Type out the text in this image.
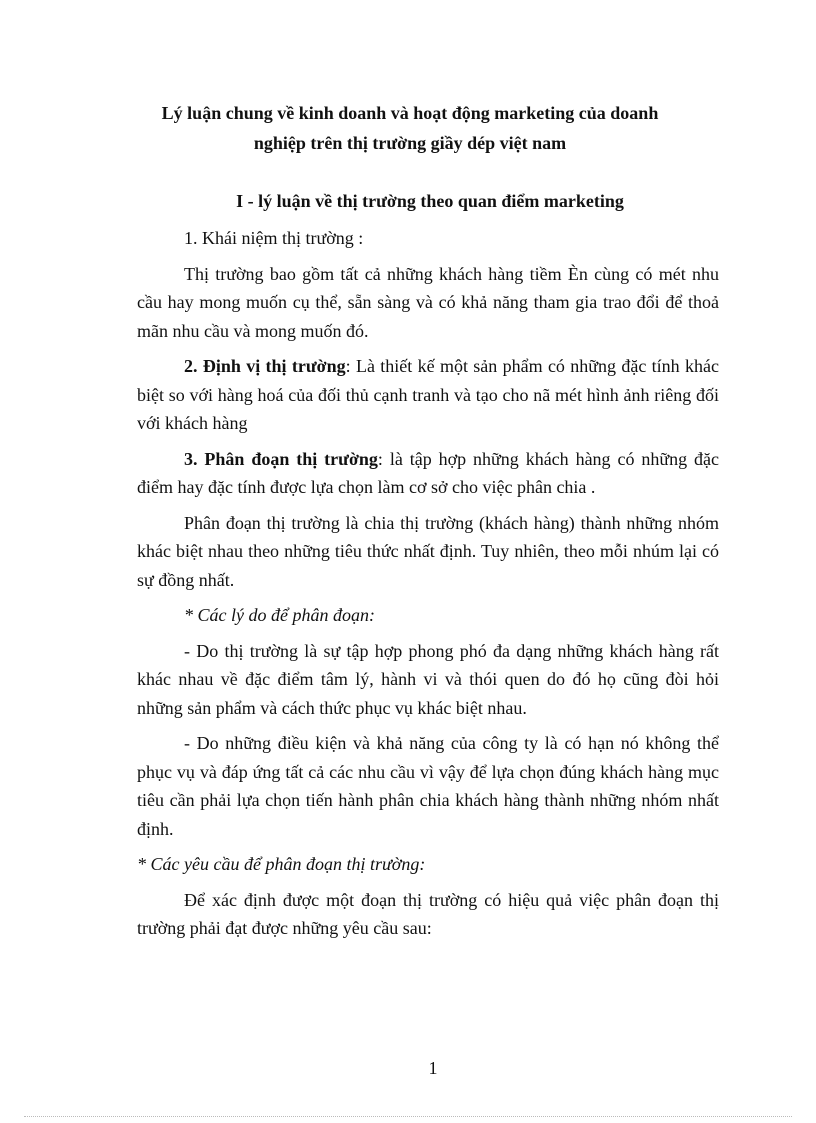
Lý luận chung về kinh doanh và hoạt động marketing của doanh
nghiệp trên thị trường giầy dép việt nam
I - lý luận về thị trường theo quan điểm marketing

1. Khái niệm thị trường :

Thị trường bao gồm tất cả những khách hàng tiềm Èn cùng có mét nhu cầu hay mong muốn cụ thể, sẵn sàng và có khả năng tham gia trao đổi để thoả mãn nhu cầu và mong muốn đó.

2. Định vị thị trường: Là thiết kế một sản phẩm có những đặc tính khác biệt so với hàng hoá của đối thủ cạnh tranh và tạo cho nã mét hình ảnh riêng đối với khách hàng

3. Phân đoạn thị trường: là tập hợp những khách hàng có những đặc điểm hay đặc tính được lựa chọn làm cơ sở cho việc phân chia .

Phân đoạn thị trường là chia thị trường (khách hàng) thành những nhóm khác biệt nhau theo những tiêu thức nhất định. Tuy nhiên, theo mỗi nhúm lại có sự đồng nhất.

* Các lý do để phân đoạn:

- Do thị trường là sự tập hợp phong phó đa dạng những khách hàng rất khác nhau về đặc điểm tâm lý, hành vi và thói quen do đó họ cũng đòi hỏi những sản phẩm và cách thức phục vụ khác biệt nhau.

- Do những điều kiện và khả năng của công ty là có hạn nó không thể phục vụ và đáp ứng tất cả các nhu cầu vì vậy để lựa chọn đúng khách hàng mục tiêu cần phải lựa chọn tiến hành phân chia khách hàng thành những nhóm nhất định.

* Các yêu cầu để phân đoạn thị trường:

Để xác định được một đoạn thị trường có hiệu quả việc phân đoạn thị trường phải đạt được những yêu cầu sau:

1
